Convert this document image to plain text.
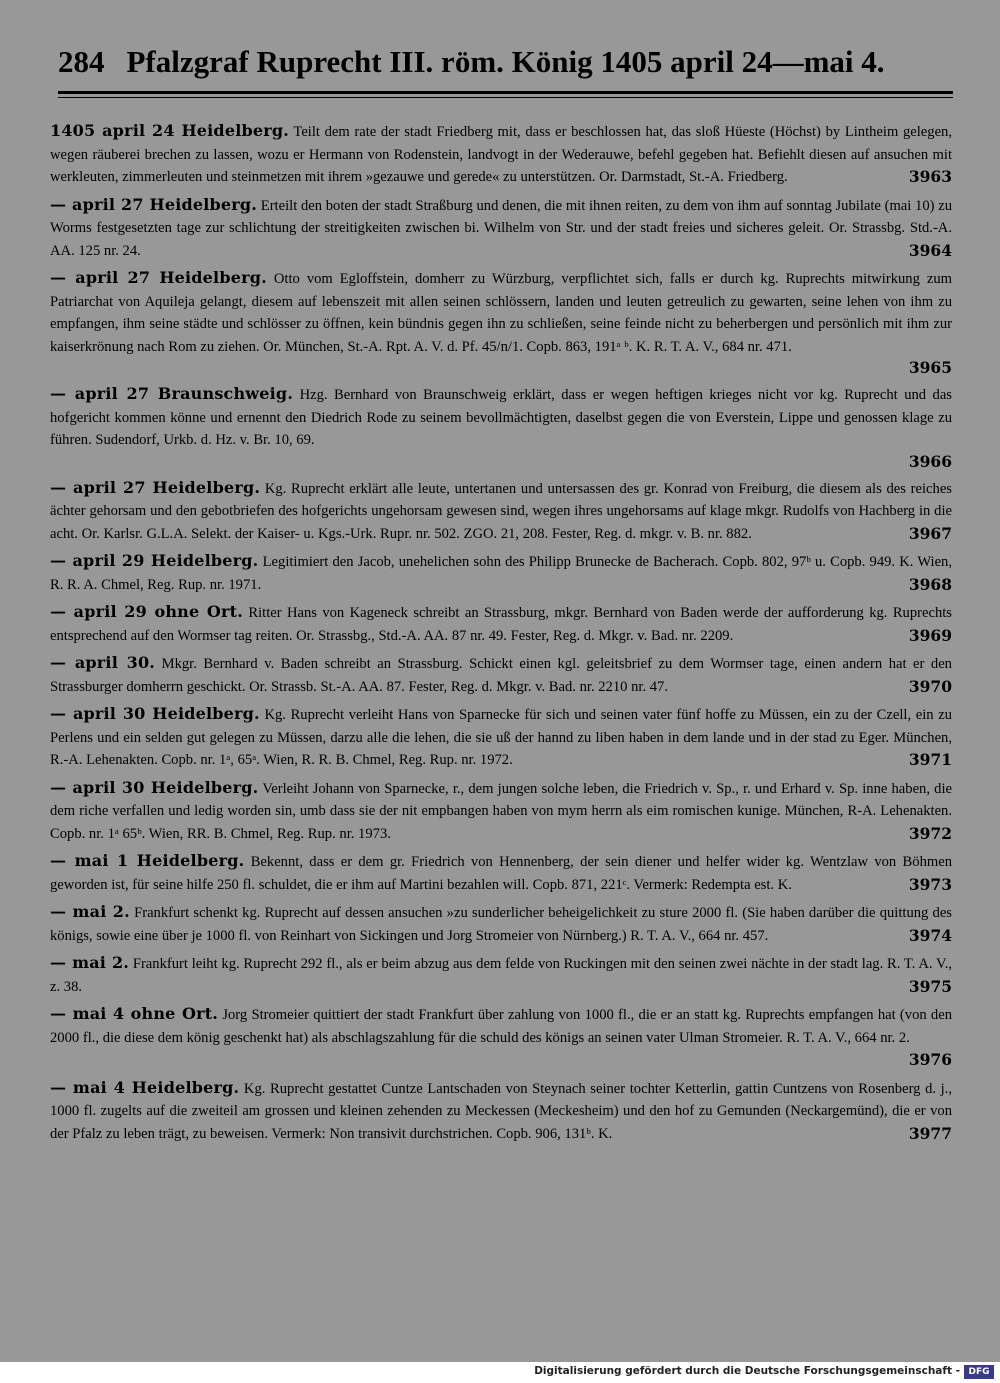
284 Pfalzgraf Ruprecht III. röm. König 1405 april 24—mai 4.
1405 april 24 Heidelberg. Teilt dem rate der stadt Friedberg mit, dass er beschlossen hat, das sloß Hüeste (Höchst) by Lintheim gelegen, wegen räuberei brechen zu lassen, wozu er Hermann von Rodenstein, landvogt in der Wederauwe, befehl gegeben hat. Befiehlt diesen auf ansuchen mit werkleuten, zimmerleuten und steinmetzen mit ihrem »gezauwe und gerede« zu unterstützen. Or. Darmstadt, St.-A. Friedberg.	3963
— april 27 Heidelberg. Erteilt den boten der stadt Straßburg und denen, die mit ihnen reiten, zu dem von ihm auf sonntag Jubilate (mai 10) zu Worms festgesetzten tage zur schlichtung der streitigkeiten zwischen bi. Wilhelm von Str. und der stadt freies und sicheres geleit. Or. Strassbg. Std.-A. AA. 125 nr. 24.	3964
— april 27 Heidelberg. Otto vom Egloffstein, domherr zu Würzburg, verpflichtet sich, falls er durch kg. Ruprechts mitwirkung zum Patriarchat von Aquileja gelangt, diesem auf lebenszeit mit allen seinen schlössern, landen und leuten getreulich zu gewarten, seine lehen von ihm zu empfangen, ihm seine städte und schlösser zu öffnen, kein bündnis gegen ihn zu schließen, seine feinde nicht zu beherbergen und persönlich mit ihm zur kaiserkrönung nach Rom zu ziehen. Or. München, St.-A. Rpt. A. V. d. Pf. 45/n/1. Copb. 863, 191ᵃ ᵇ. K. R. T. A. V., 684 nr. 471.
3965
— april 27 Braunschweig. Hzg. Bernhard von Braunschweig erklärt, dass er wegen heftigen krieges nicht vor kg. Ruprecht und das hofgericht kommen könne und ernennt den Diedrich Rode zu seinem bevollmächtigten, daselbst gegen die von Everstein, Lippe und genossen klage zu führen. Sudendorf, Urkb. d. Hz. v. Br. 10, 69.
3966
— april 27 Heidelberg. Kg. Ruprecht erklärt alle leute, untertanen und untersassen des gr. Konrad von Freiburg, die diesem als des reiches ächter gehorsam und den gebotbriefen des hofgerichts ungehorsam gewesen sind, wegen ihres ungehorsams auf klage mkgr. Rudolfs von Hachberg in die acht. Or. Karlsr. G.L.A. Selekt. der Kaiser- u. Kgs.-Urk. Rupr. nr. 502. ZGO. 21, 208. Fester, Reg. d. mkgr. v. B. nr. 882.	3967
— april 29 Heidelberg. Legitimiert den Jacob, unehelichen sohn des Philipp Brunecke de Bacherach. Copb. 802, 97ᵇ u. Copb. 949. K. Wien, R. R. A. Chmel, Reg. Rup. nr. 1971.	3968
— april 29 ohne Ort. Ritter Hans von Kageneck schreibt an Strassburg, mkgr. Bernhard von Baden werde der aufforderung kg. Ruprechts entsprechend auf den Wormser tag reiten. Or. Strassbg., Std.-A. AA. 87 nr. 49. Fester, Reg. d. Mkgr. v. Bad. nr. 2209.	3969
— april 30. Mkgr. Bernhard v. Baden schreibt an Strassburg. Schickt einen kgl. geleitsbrief zu dem Wormser tage, einen andern hat er den Strassburger domherrn geschickt. Or. Strassb. St.-A. AA. 87. Fester, Reg. d. Mkgr. v. Bad. nr. 2210 nr. 47.	3970
— april 30 Heidelberg. Kg. Ruprecht verleiht Hans von Sparnecke für sich und seinen vater fünf hoffe zu Müssen, ein zu der Czell, ein zu Perlens und ein selden gut gelegen zu Müssen, darzu alle die lehen, die sie uß der hannd zu liben haben in dem lande und in der stad zu Eger. München, R.-A. Lehenakten. Copb. nr. 1ᵃ, 65ᵃ. Wien, R. R. B. Chmel, Reg. Rup. nr. 1972.	3971
— april 30 Heidelberg. Verleiht Johann von Sparnecke, r., dem jungen solche leben, die Friedrich v. Sp., r. und Erhard v. Sp. inne haben, die dem riche verfallen und ledig worden sin, umb dass sie der nit empbangen haben von mym herrn als eim romischen kunige. München, R-A. Lehenakten. Copb. nr. 1ᵃ 65ᵇ. Wien, RR. B. Chmel, Reg. Rup. nr. 1973.	3972
— mai 1 Heidelberg. Bekennt, dass er dem gr. Friedrich von Hennenberg, der sein diener und helfer wider kg. Wentzlaw von Böhmen geworden ist, für seine hilfe 250 fl. schuldet, die er ihm auf Martini bezahlen will. Copb. 871, 221ᶜ. Vermerk: Redempta est. K.	3973
— mai 2. Frankfurt schenkt kg. Ruprecht auf dessen ansuchen »zu sunderlicher beheigelichkeit zu sture 2000 fl. (Sie haben darüber die quittung des königs, sowie eine über je 1000 fl. von Reinhart von Sickingen und Jorg Stromeier von Nürnberg.) R. T. A. V., 664 nr. 457.	3974
— mai 2. Frankfurt leiht kg. Ruprecht 292 fl., als er beim abzug aus dem felde von Ruckingen mit den seinen zwei nächte in der stadt lag. R. T. A. V., z. 38.	3975
— mai 4 ohne Ort. Jorg Stromeier quittiert der stadt Frankfurt über zahlung von 1000 fl., die er an statt kg. Ruprechts empfangen hat (von den 2000 fl., die diese dem könig geschenkt hat) als abschlagszahlung für die schuld des königs an seinen vater Ulman Stromeier. R. T. A. V., 664 nr. 2.
3976
— mai 4 Heidelberg. Kg. Ruprecht gestattet Cuntze Lantschaden von Steynach seiner tochter Ketterlin, gattin Cuntzens von Rosenberg d. j., 1000 fl. zugelts auf die zweiteil am grossen und kleinen zehenden zu Meckessen (Meckesheim) und den hof zu Gemunden (Neckargemünd), die er von der Pfalz zu leben trägt, zu beweisen. Vermerk: Non transivit durchstrichen. Copb. 906, 131ᵇ. K.	3977
Digitalisierung gefördert durch die Deutsche Forschungsgemeinschaft - DFG
